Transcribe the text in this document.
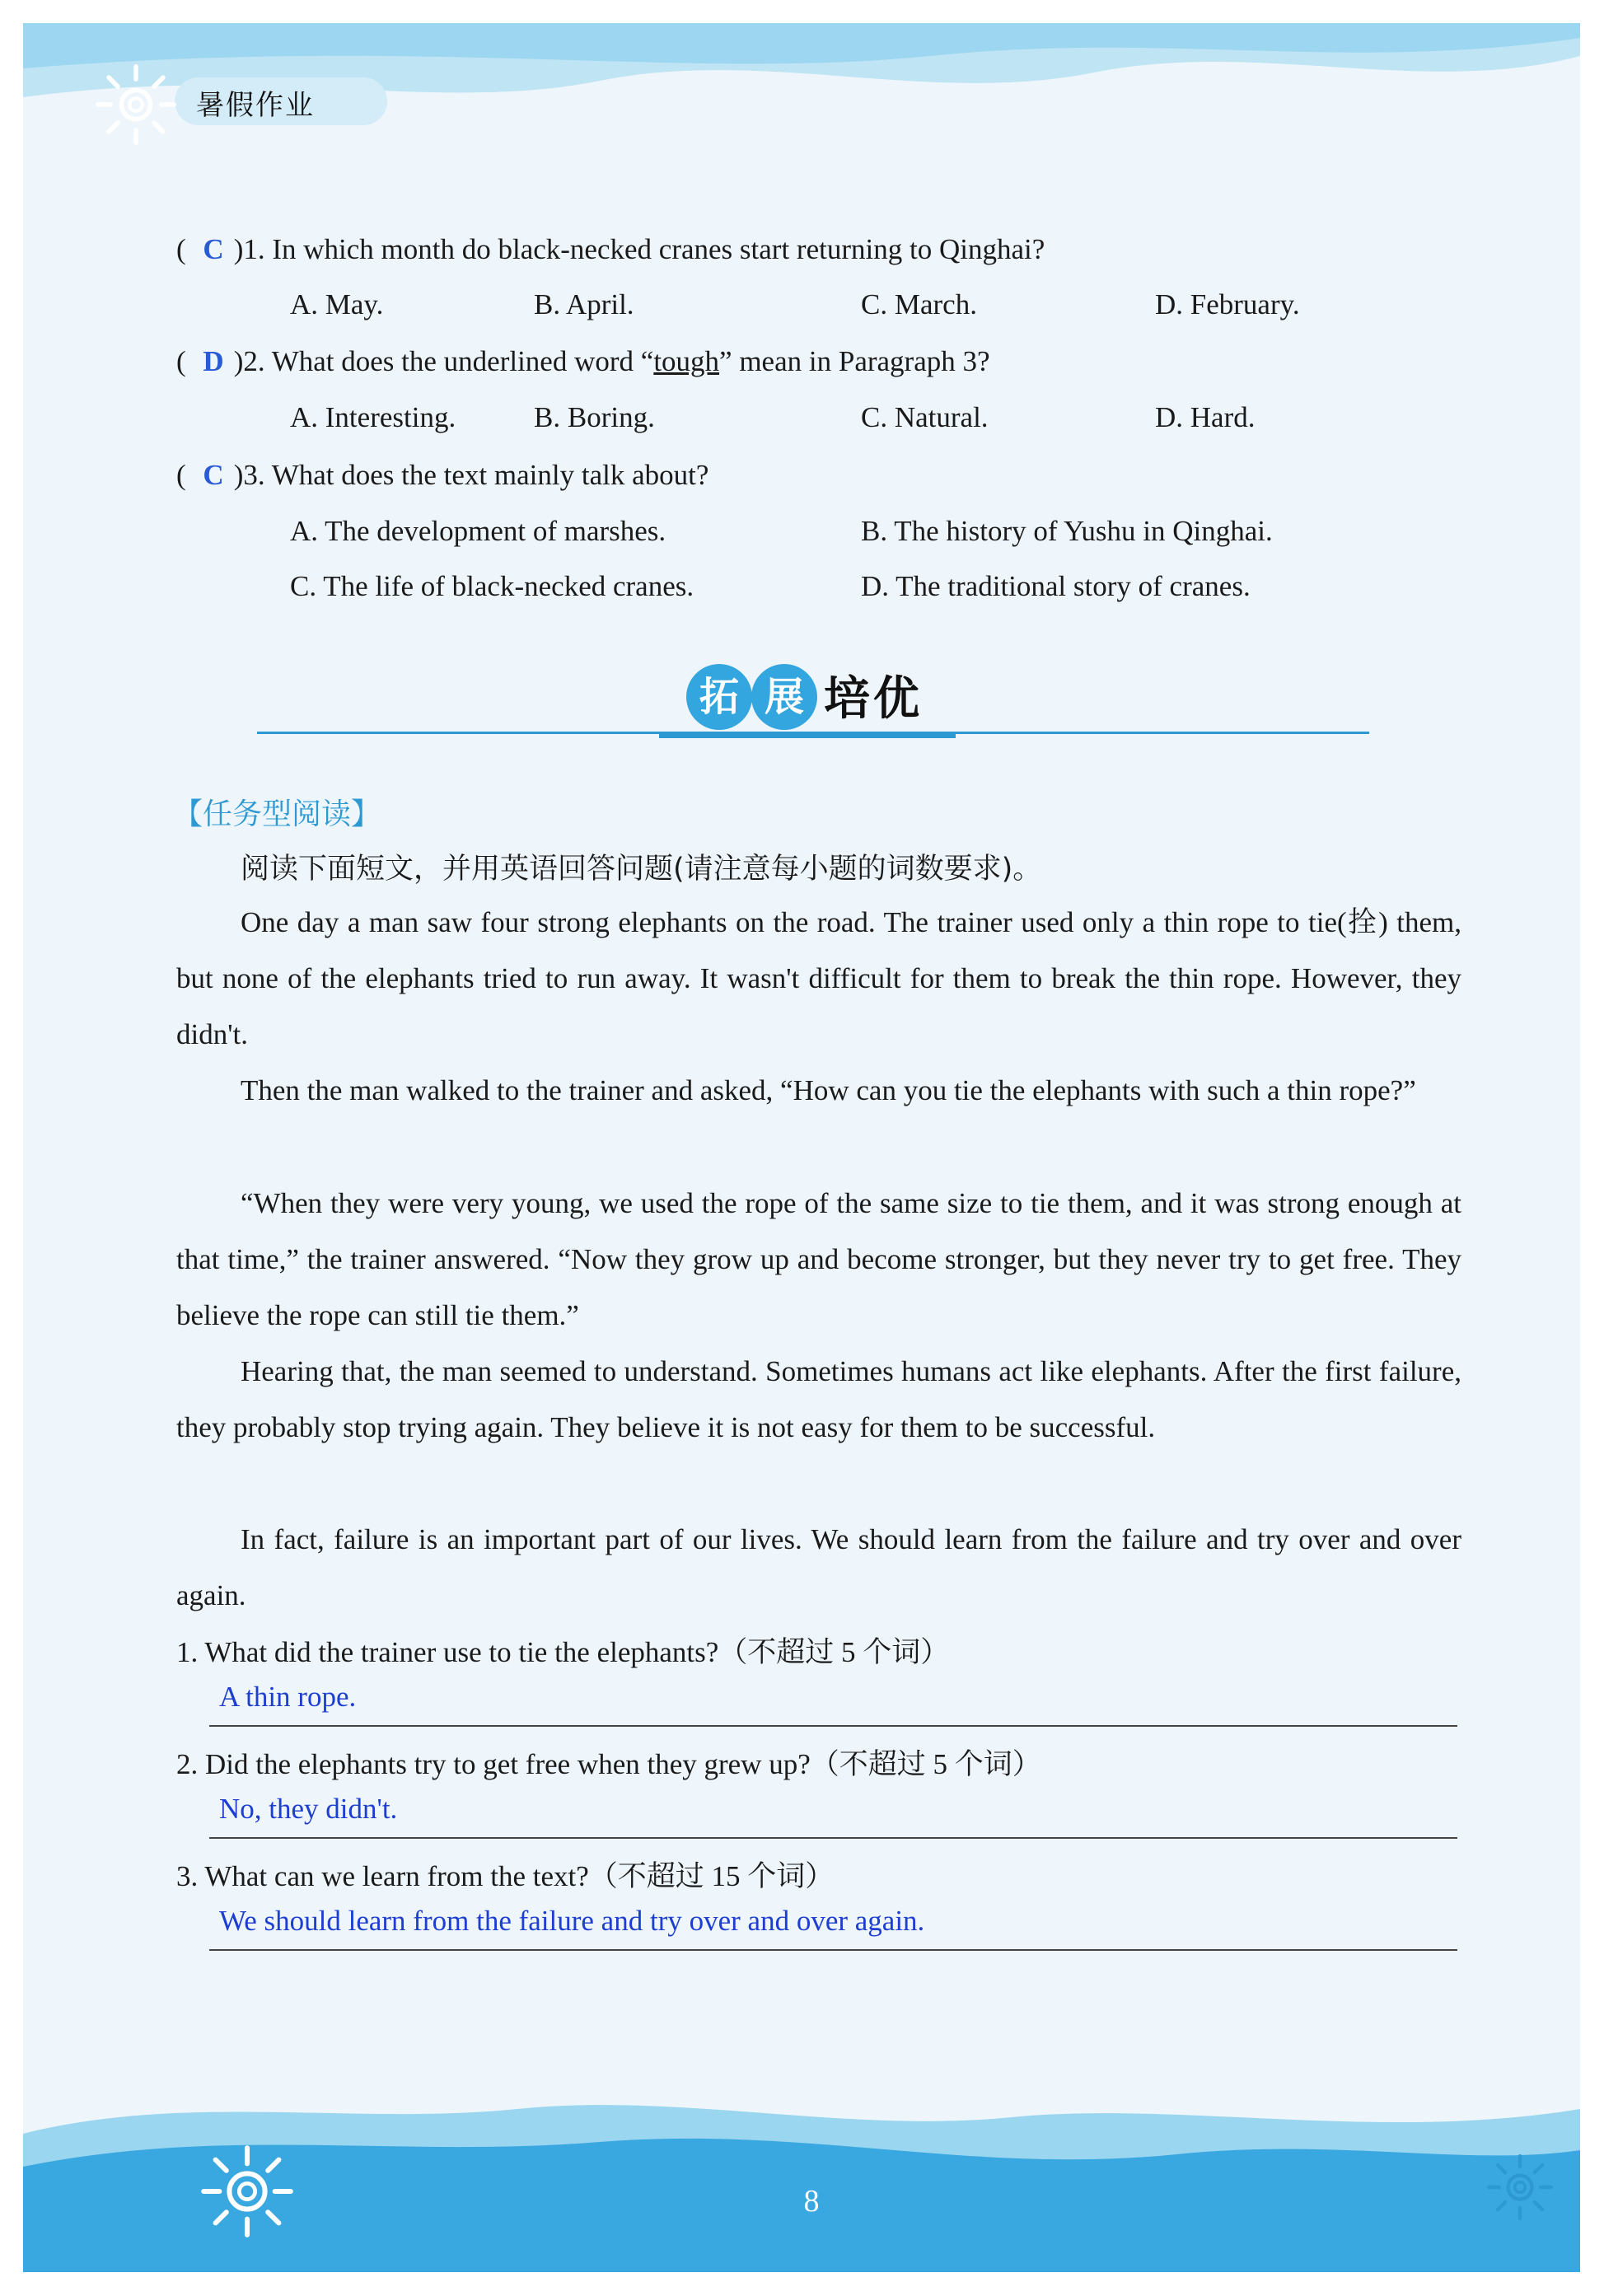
暑假作业
( C )1. In which month do black-necked cranes start returning to Qinghai?
A. May.	B. April.	C. March.	D. February.
( D )2. What does the underlined word “tough” mean in Paragraph 3?
A. Interesting.	B. Boring.	C. Natural.	D. Hard.
( C )3. What does the text mainly talk about?
A. The development of marshes.	B. The history of Yushu in Qinghai.
C. The life of black-necked cranes.	D. The traditional story of cranes.
拓 展 培优
【任务型阅读】
阅读下面短文，并用英语回答问题(请注意每小题的词数要求)。
One day a man saw four strong elephants on the road. The trainer used only a thin rope to tie(拴) them, but none of the elephants tried to run away. It wasn't difficult for them to break the thin rope. However, they didn't.
Then the man walked to the trainer and asked, “How can you tie the elephants with such a thin rope?”
“When they were very young, we used the rope of the same size to tie them, and it was strong enough at that time,” the trainer answered. “Now they grow up and become stronger, but they never try to get free. They believe the rope can still tie them.”
Hearing that, the man seemed to understand. Sometimes humans act like elephants. After the first failure, they probably stop trying again. They believe it is not easy for them to be successful.
In fact, failure is an important part of our lives. We should learn from the failure and try over and over again.
1. What did the trainer use to tie the elephants?（不超过 5 个词）
A thin rope.
2. Did the elephants try to get free when they grew up?（不超过 5 个词）
No, they didn't.
3. What can we learn from the text?（不超过 15 个词）
We should learn from the failure and try over and over again.
8
